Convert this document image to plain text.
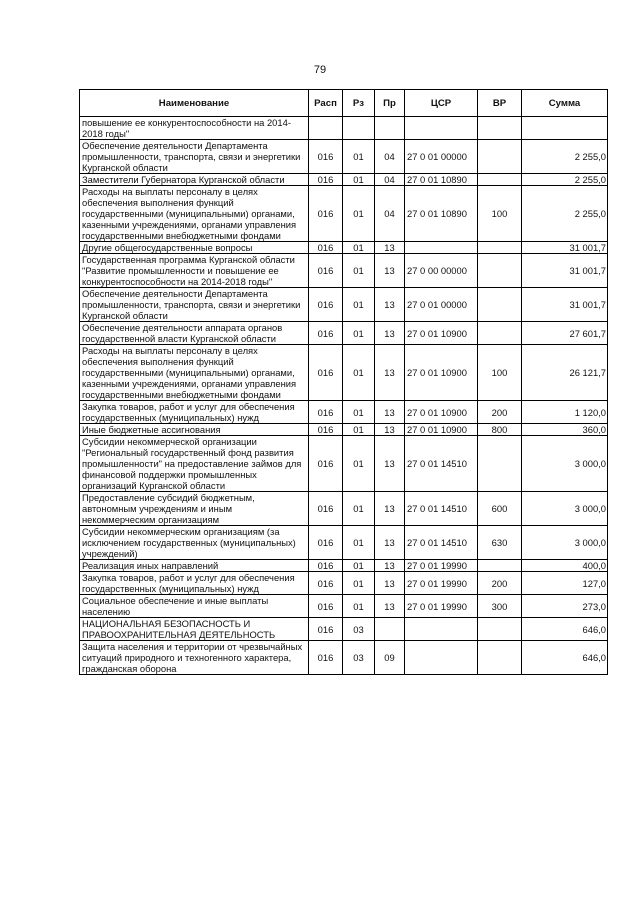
79
Наименование	Расп	Рз	Пр	ЦСР	ВР	Сумма
повышение ее конкурентоспособности на 2014-2018 годы"						
Обеспечение деятельности Департамента промышленности, транспорта, связи и энергетики Курганской области	016	01	04	27 0 01 00000		2 255,0
Заместители Губернатора Курганской области	016	01	04	27 0 01 10890		2 255,0
Расходы на выплаты персоналу в целях обеспечения выполнения функций государственными (муниципальными) органами, казенными учреждениями, органами управления государственными внебюджетными фондами	016	01	04	27 0 01 10890	100	2 255,0
Другие общегосударственные вопросы	016	01	13			31 001,7
Государственная программа Курганской области "Развитие промышленности и повышение ее конкурентоспособности на 2014-2018 годы"	016	01	13	27 0 00 00000		31 001,7
Обеспечение деятельности Департамента промышленности, транспорта, связи и энергетики Курганской области	016	01	13	27 0 01 00000		31 001,7
Обеспечение деятельности аппарата органов государственной власти Курганской области	016	01	13	27 0 01 10900		27 601,7
Расходы на выплаты персоналу в целях обеспечения выполнения функций государственными (муниципальными) органами, казенными учреждениями, органами управления государственными внебюджетными фондами	016	01	13	27 0 01 10900	100	26 121,7
Закупка товаров, работ и услуг для обеспечения государственных (муниципальных) нужд	016	01	13	27 0 01 10900	200	1 120,0
Иные бюджетные ассигнования	016	01	13	27 0 01 10900	800	360,0
Субсидии некоммерческой организации "Региональный государственный фонд развития промышленности" на предоставление займов для финансовой поддержки промышленных организаций Курганской области	016	01	13	27 0 01 14510		3 000,0
Предоставление субсидий бюджетным, автономным учреждениям и иным некоммерческим организациям	016	01	13	27 0 01 14510	600	3 000,0
Субсидии некоммерческим организациям (за исключением государственных (муниципальных) учреждений)	016	01	13	27 0 01 14510	630	3 000,0
Реализация иных направлений	016	01	13	27 0 01 19990		400,0
Закупка товаров, работ и услуг для обеспечения государственных (муниципальных) нужд	016	01	13	27 0 01 19990	200	127,0
Социальное обеспечение и иные выплаты населению	016	01	13	27 0 01 19990	300	273,0
НАЦИОНАЛЬНАЯ БЕЗОПАСНОСТЬ И ПРАВООХРАНИТЕЛЬНАЯ ДЕЯТЕЛЬНОСТЬ	016	03				646,0
Защита населения и территории от чрезвычайных ситуаций природного и техногенного характера, гражданская оборона	016	03	09			646,0
